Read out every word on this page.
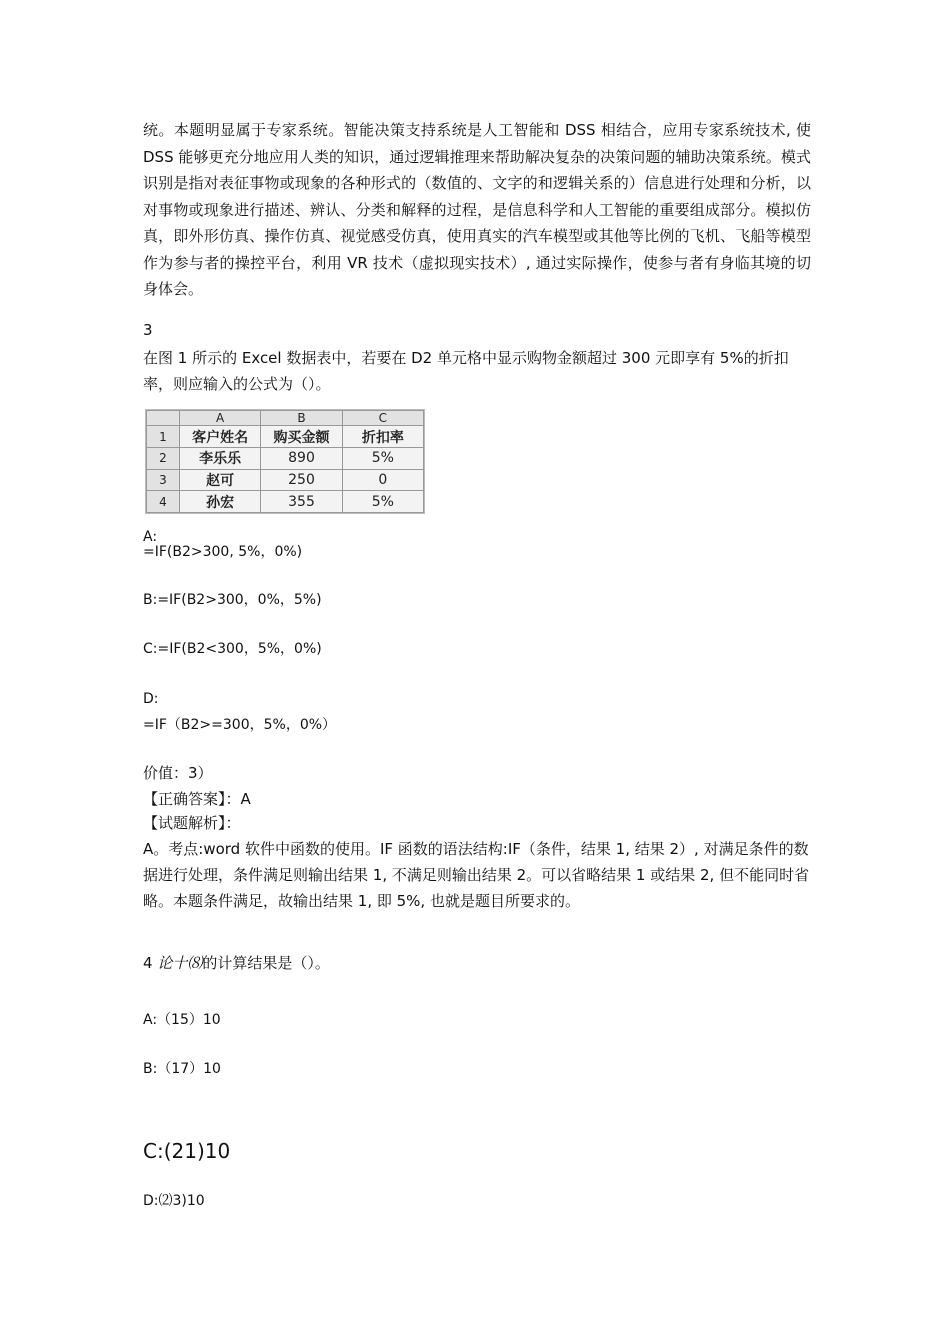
统。本题明显属于专家系统。智能决策支持系统是人工智能和 DSS 相结合，应用专家系统技术, 使 DSS 能够更充分地应用人类的知识，通过逻辑推理来帮助解决复杂的决策问题的辅助决策系统。模式识别是指对表征事物或现象的各种形式的（数值的、文字的和逻辑关系的）信息进行处理和分析，以对事物或现象进行描述、辨认、分类和解释的过程，是信息科学和人工智能的重要组成部分。模拟仿真，即外形仿真、操作仿真、视觉感受仿真，使用真实的汽车模型或其他等比例的飞机、飞船等模型作为参与者的操控平台，利用 VR 技术（虚拟现实技术）, 通过实际操作，使参与者有身临其境的切身体会。
3
在图 1 所示的 Excel 数据表中，若要在 D2 单元格中显示购物金额超过 300 元即享有 5%的折扣率，则应输入的公式为（）。
	A	B	C
1	客户姓名	购买金额	折扣率
2	李乐乐	890	5%
3	赵可	250	0
4	孙宏	355	5%
A:
=IF(B2>300, 5%，0%)
B:=IF(B2>300，0%，5%)
C:=IF(B2<300，5%，0%)
D:
=IF（B2>=300，5%，0%）
价值：3）
【正确答案】：A
【试题解析】：
A。考点:word 软件中函数的使用。IF 函数的语法结构:IF（条件，结果 1, 结果 2）, 对满足条件的数据进行处理，条件满足则输出结果 1, 不满足则输出结果 2。可以省略结果 1 或结果 2, 但不能同时省略。本题条件满足，故输出结果 1, 即 5%, 也就是题目所要求的。
4 论十⑻的计算结果是（）。
A:（15）10
B:（17）10
C:(21)10
D:⑵3)10
